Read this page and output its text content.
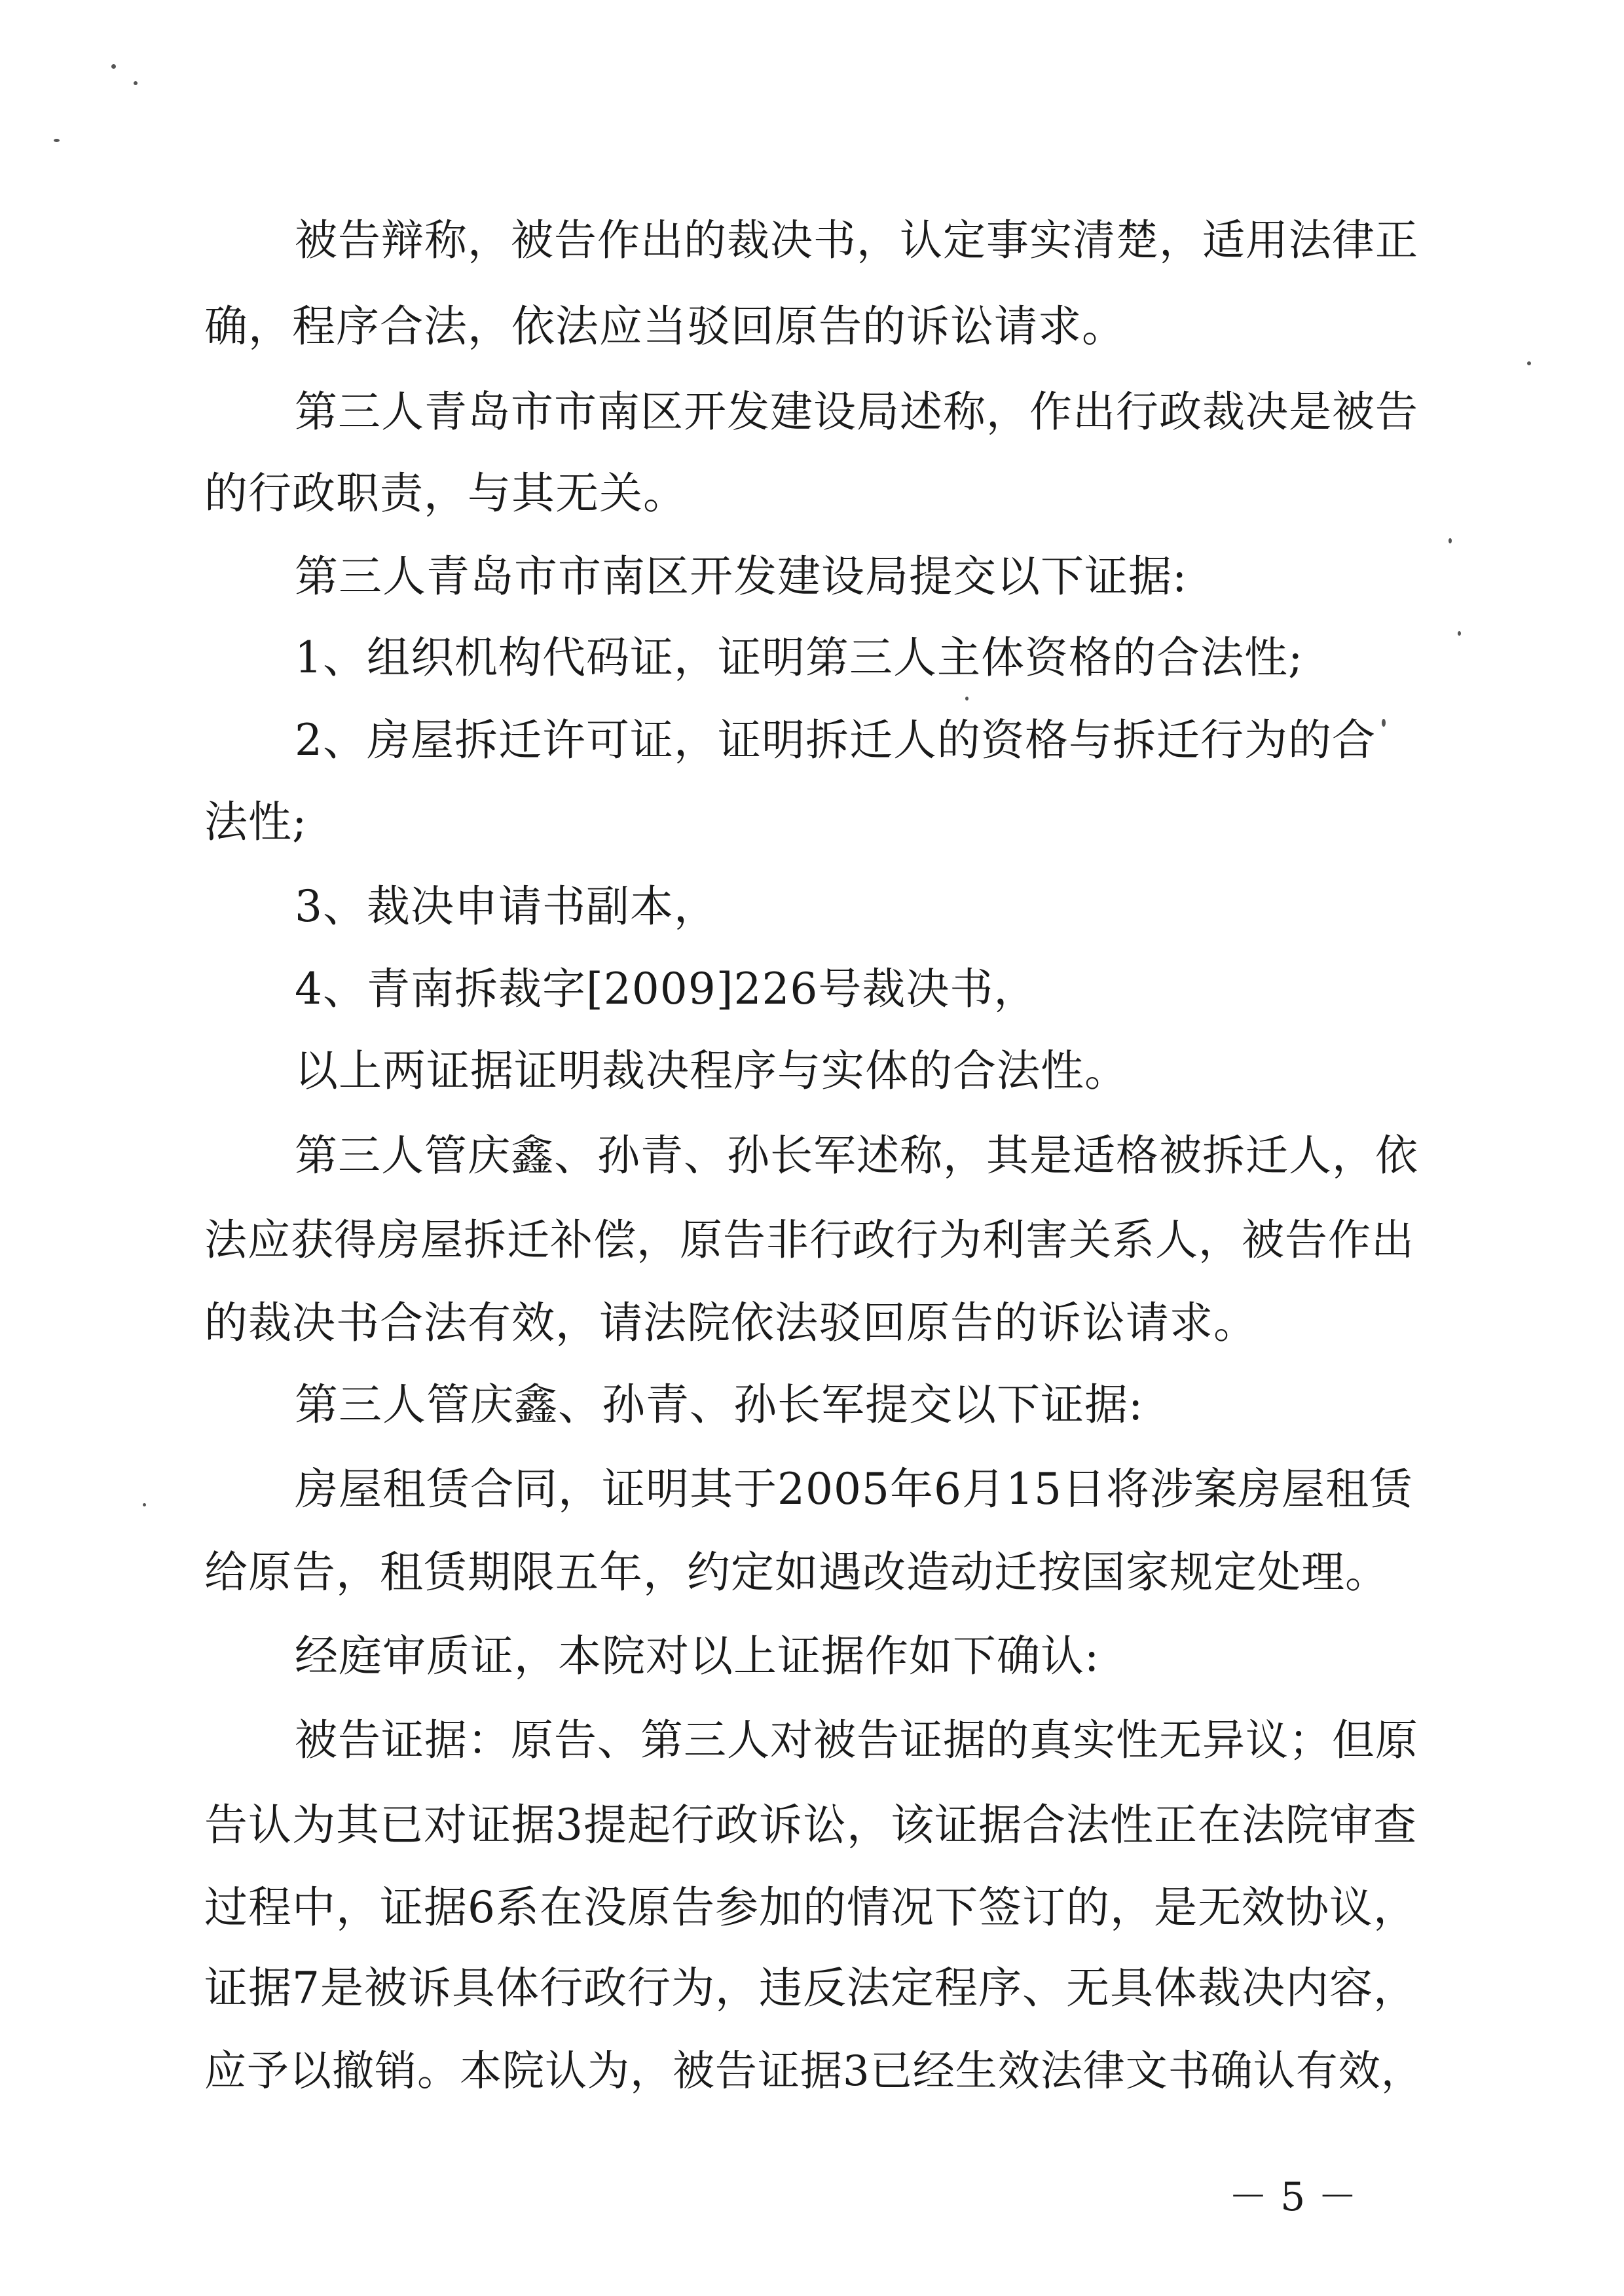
被告辩称，被告作出的裁决书，认定事实清楚，适用法律正
确，程序合法，依法应当驳回原告的诉讼请求。
第三人青岛市市南区开发建设局述称，作出行政裁决是被告
的行政职责，与其无关。
第三人青岛市市南区开发建设局提交以下证据:
1、组织机构代码证，证明第三人主体资格的合法性;
2、房屋拆迁许可证，证明拆迁人的资格与拆迁行为的合
法性;
3、裁决申请书副本，
4、青南拆裁字[2009]226号裁决书，
以上两证据证明裁决程序与实体的合法性。
第三人管庆鑫、孙青、孙长军述称，其是适格被拆迁人，依
法应获得房屋拆迁补偿，原告非行政行为利害关系人，被告作出
的裁决书合法有效，请法院依法驳回原告的诉讼请求。
第三人管庆鑫、孙青、孙长军提交以下证据:
房屋租赁合同，证明其于2005年6月15日将涉案房屋租赁
给原告，租赁期限五年，约定如遇改造动迁按国家规定处理。
经庭审质证，本院对以上证据作如下确认:
被告证据：原告、第三人对被告证据的真实性无异议；但原
告认为其已对证据3提起行政诉讼，该证据合法性正在法院审查
过程中，证据6系在没原告参加的情况下签订的，是无效协议，
证据7是被诉具体行政行为，违反法定程序、无具体裁决内容，
应予以撤销。本院认为，被告证据3已经生效法律文书确认有效，
－ 5 －
